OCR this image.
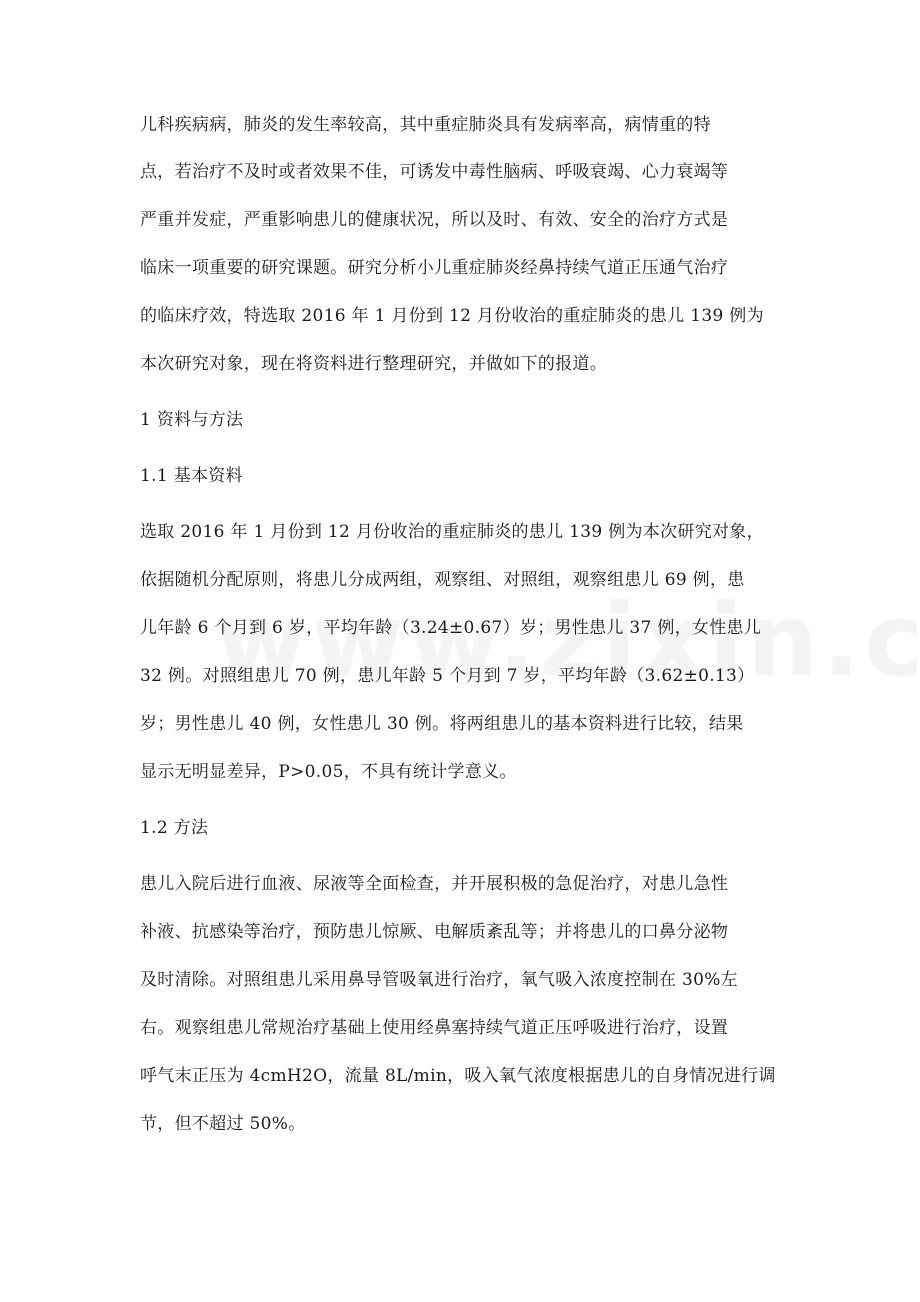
儿科疾病病，肺炎的发生率较高，其中重症肺炎具有发病率高，病情重的特
点，若治疗不及时或者效果不佳，可诱发中毒性脑病、呼吸衰竭、心力衰竭等
严重并发症，严重影响患儿的健康状况，所以及时、有效、安全的治疗方式是
临床一项重要的研究课题。研究分析小儿重症肺炎经鼻持续气道正压通气治疗
的临床疗效，特选取 2016 年 1 月份到 12 月份收治的重症肺炎的患儿 139 例为
本次研究对象，现在将资料进行整理研究，并做如下的报道。
1 资料与方法
1.1 基本资料
选取 2016 年 1 月份到 12 月份收治的重症肺炎的患儿 139 例为本次研究对象，
依据随机分配原则，将患儿分成两组，观察组、对照组，观察组患儿 69 例，患
儿年龄 6 个月到 6 岁，平均年龄（3.24±0.67）岁；男性患儿 37 例，女性患儿
32 例。对照组患儿 70 例，患儿年龄 5 个月到 7 岁，平均年龄（3.62±0.13）
岁；男性患儿 40 例，女性患儿 30 例。将两组患儿的基本资料进行比较，结果
显示无明显差异，P>0.05，不具有统计学意义。
1.2 方法
患儿入院后进行血液、尿液等全面检查，并开展积极的急促治疗，对患儿急性
补液、抗感染等治疗，预防患儿惊厥、电解质紊乱等；并将患儿的口鼻分泌物
及时清除。对照组患儿采用鼻导管吸氧进行治疗，氧气吸入浓度控制在 30%左
右。观察组患儿常规治疗基础上使用经鼻塞持续气道正压呼吸进行治疗，设置
呼气末正压为 4cmH2O，流量 8L/min，吸入氧气浓度根据患儿的自身情况进行调
节，但不超过 50%。
